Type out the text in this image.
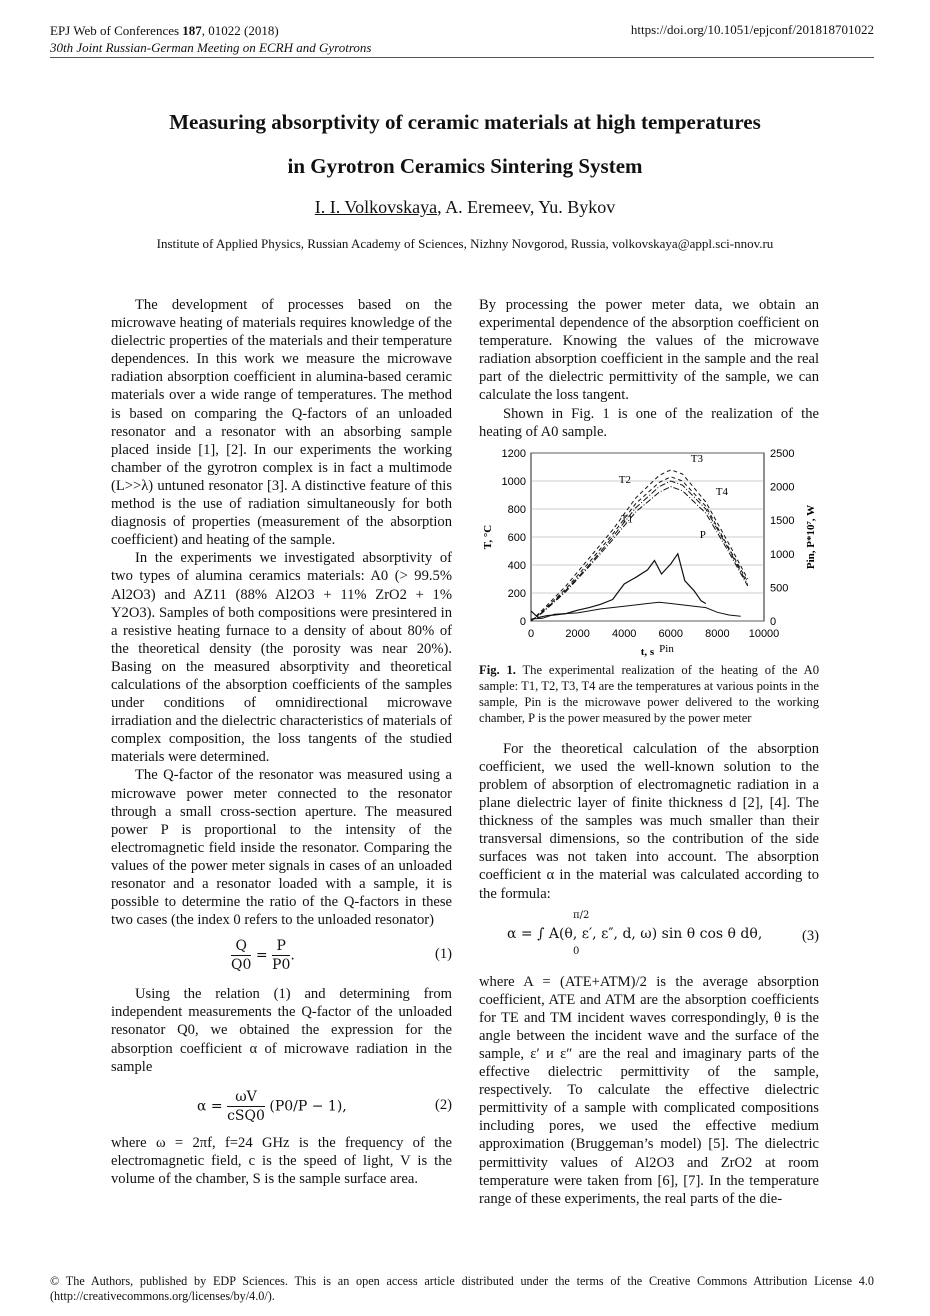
EPJ Web of Conferences 187, 01022 (2018)
30th Joint Russian-German Meeting on ECRH and Gyrotrons
https://doi.org/10.1051/epjconf/201818701022
Measuring absorptivity of ceramic materials at high temperatures
in Gyrotron Ceramics Sintering System
I. I. Volkovskaya, A. Eremeev, Yu. Bykov
Institute of Applied Physics, Russian Academy of Sciences, Nizhny Novgorod, Russia, volkovskaya@appl.sci-nnov.ru

The development of processes based on the microwave heating of materials requires knowledge of the dielectric properties of the materials and their temperature dependences. In this work we measure the microwave radiation absorption coefficient in alumina-based ceramic materials over a wide range of temperatures. The method is based on comparing the Q-factors of an unloaded resonator and a resonator with an absorbing sample placed inside [1], [2]. In our experiments the working chamber of the gyrotron complex is in fact a multimode (L>>λ) untuned resonator [3]. A distinctive feature of this method is the use of radiation simultaneously for both diagnosis of properties (measurement of the absorption coefficient) and heating of the sample.

In the experiments we investigated absorptivity of two types of alumina ceramics materials: A0 (> 99.5% Al2O3) and AZ11 (88% Al2O3 + 11% ZrO2 + 1% Y2O3). Samples of both compositions were presintered in a resistive heating furnace to a density of about 80% of the theoretical density (the porosity was near 20%). Basing on the measured absorptivity and theoretical calculations of the absorption coefficients of the samples under conditions of omnidirectional microwave irradiation and the dielectric characteristics of materials of complex composition, the loss tangents of the studied materials were determined.

The Q-factor of the resonator was measured using a microwave power meter connected to the resonator through a small cross-section aperture. The measured power P is proportional to the intensity of the electromagnetic field inside the resonator. Comparing the values of the power meter signals in cases of an unloaded resonator and a resonator loaded with a sample, it is possible to determine the ratio of the Q-factors in these two cases (the index 0 refers to the unloaded resonator)

$\frac{Q}{Q0} = \frac{P}{P0}$ .	(1)

Using the relation (1) and determining from independent measurements the Q-factor of the unloaded resonator Q0, we obtained the expression for the absorption coefficient α of microwave radiation in the sample

$\alpha = \frac{\omega V}{\text{cSQ0}} (P0/P - 1)$,	(2)

where ω = 2πf, f=24 GHz is the frequency of the electromagnetic field, c is the speed of light, V is the volume of the chamber, S is the sample surface area.

By processing the power meter data, we obtain an experimental dependence of the absorption coefficient on temperature. Knowing the values of the microwave radiation absorption coefficient in the sample and the real part of the dielectric permittivity of the sample, we can calculate the loss tangent.

Shown in Fig. 1 is one of the realization of the heating of A0 sample.

0
200
400
600
800
1000
1200
0
500
1000
1500
2000
2500
0	2000 4000 6000 8000 10000
t, s
T, °C	Pin, P*10⁷, W
T3
T2
T1
T4
P
Pin

Fig. 1. The experimental realization of the heating of the A0 sample: T1, T2, T3, T4 are the temperatures at various points in the sample, Pin is the microwave power delivered to the working chamber, P is the power measured by the power meter

For the theoretical calculation of the absorption coefficient, we used the well-known solution to the problem of absorption of electromagnetic radiation in a plane dielectric layer of finite thickness d [2], [4]. The thickness of the samples was much smaller than their transversal dimensions, so the contribution of the side surfaces was not taken into account. The absorption coefficient α in the material was calculated according to the formula:

π/2
α = ∫ A(θ, ε′, ε″, d, ω) sin θ cos θ dθ,
0
(3)

where A = (ATE+ATM)/2 is the average absorption coefficient, ATE and ATM are the absorption coefficients for TE and TM incident waves correspondingly, θ is the angle between the incident wave and the surface of the sample, ε′ и ε″ are the real and imaginary parts of the effective dielectric permittivity of the sample, respectively. To calculate the effective dielectric permittivity of a sample with complicated compositions including pores, we used the effective medium approximation (Bruggeman’s model) [5]. The dielectric permittivity values of Al2O3 and ZrO2 at room temperature were taken from [6], [7]. In the temperature range of these experiments, the real parts of the die-

© The Authors, published by EDP Sciences. This is an open access article distributed under the terms of the Creative Commons Attribution License 4.0 (http://creativecommons.org/licenses/by/4.0/).
